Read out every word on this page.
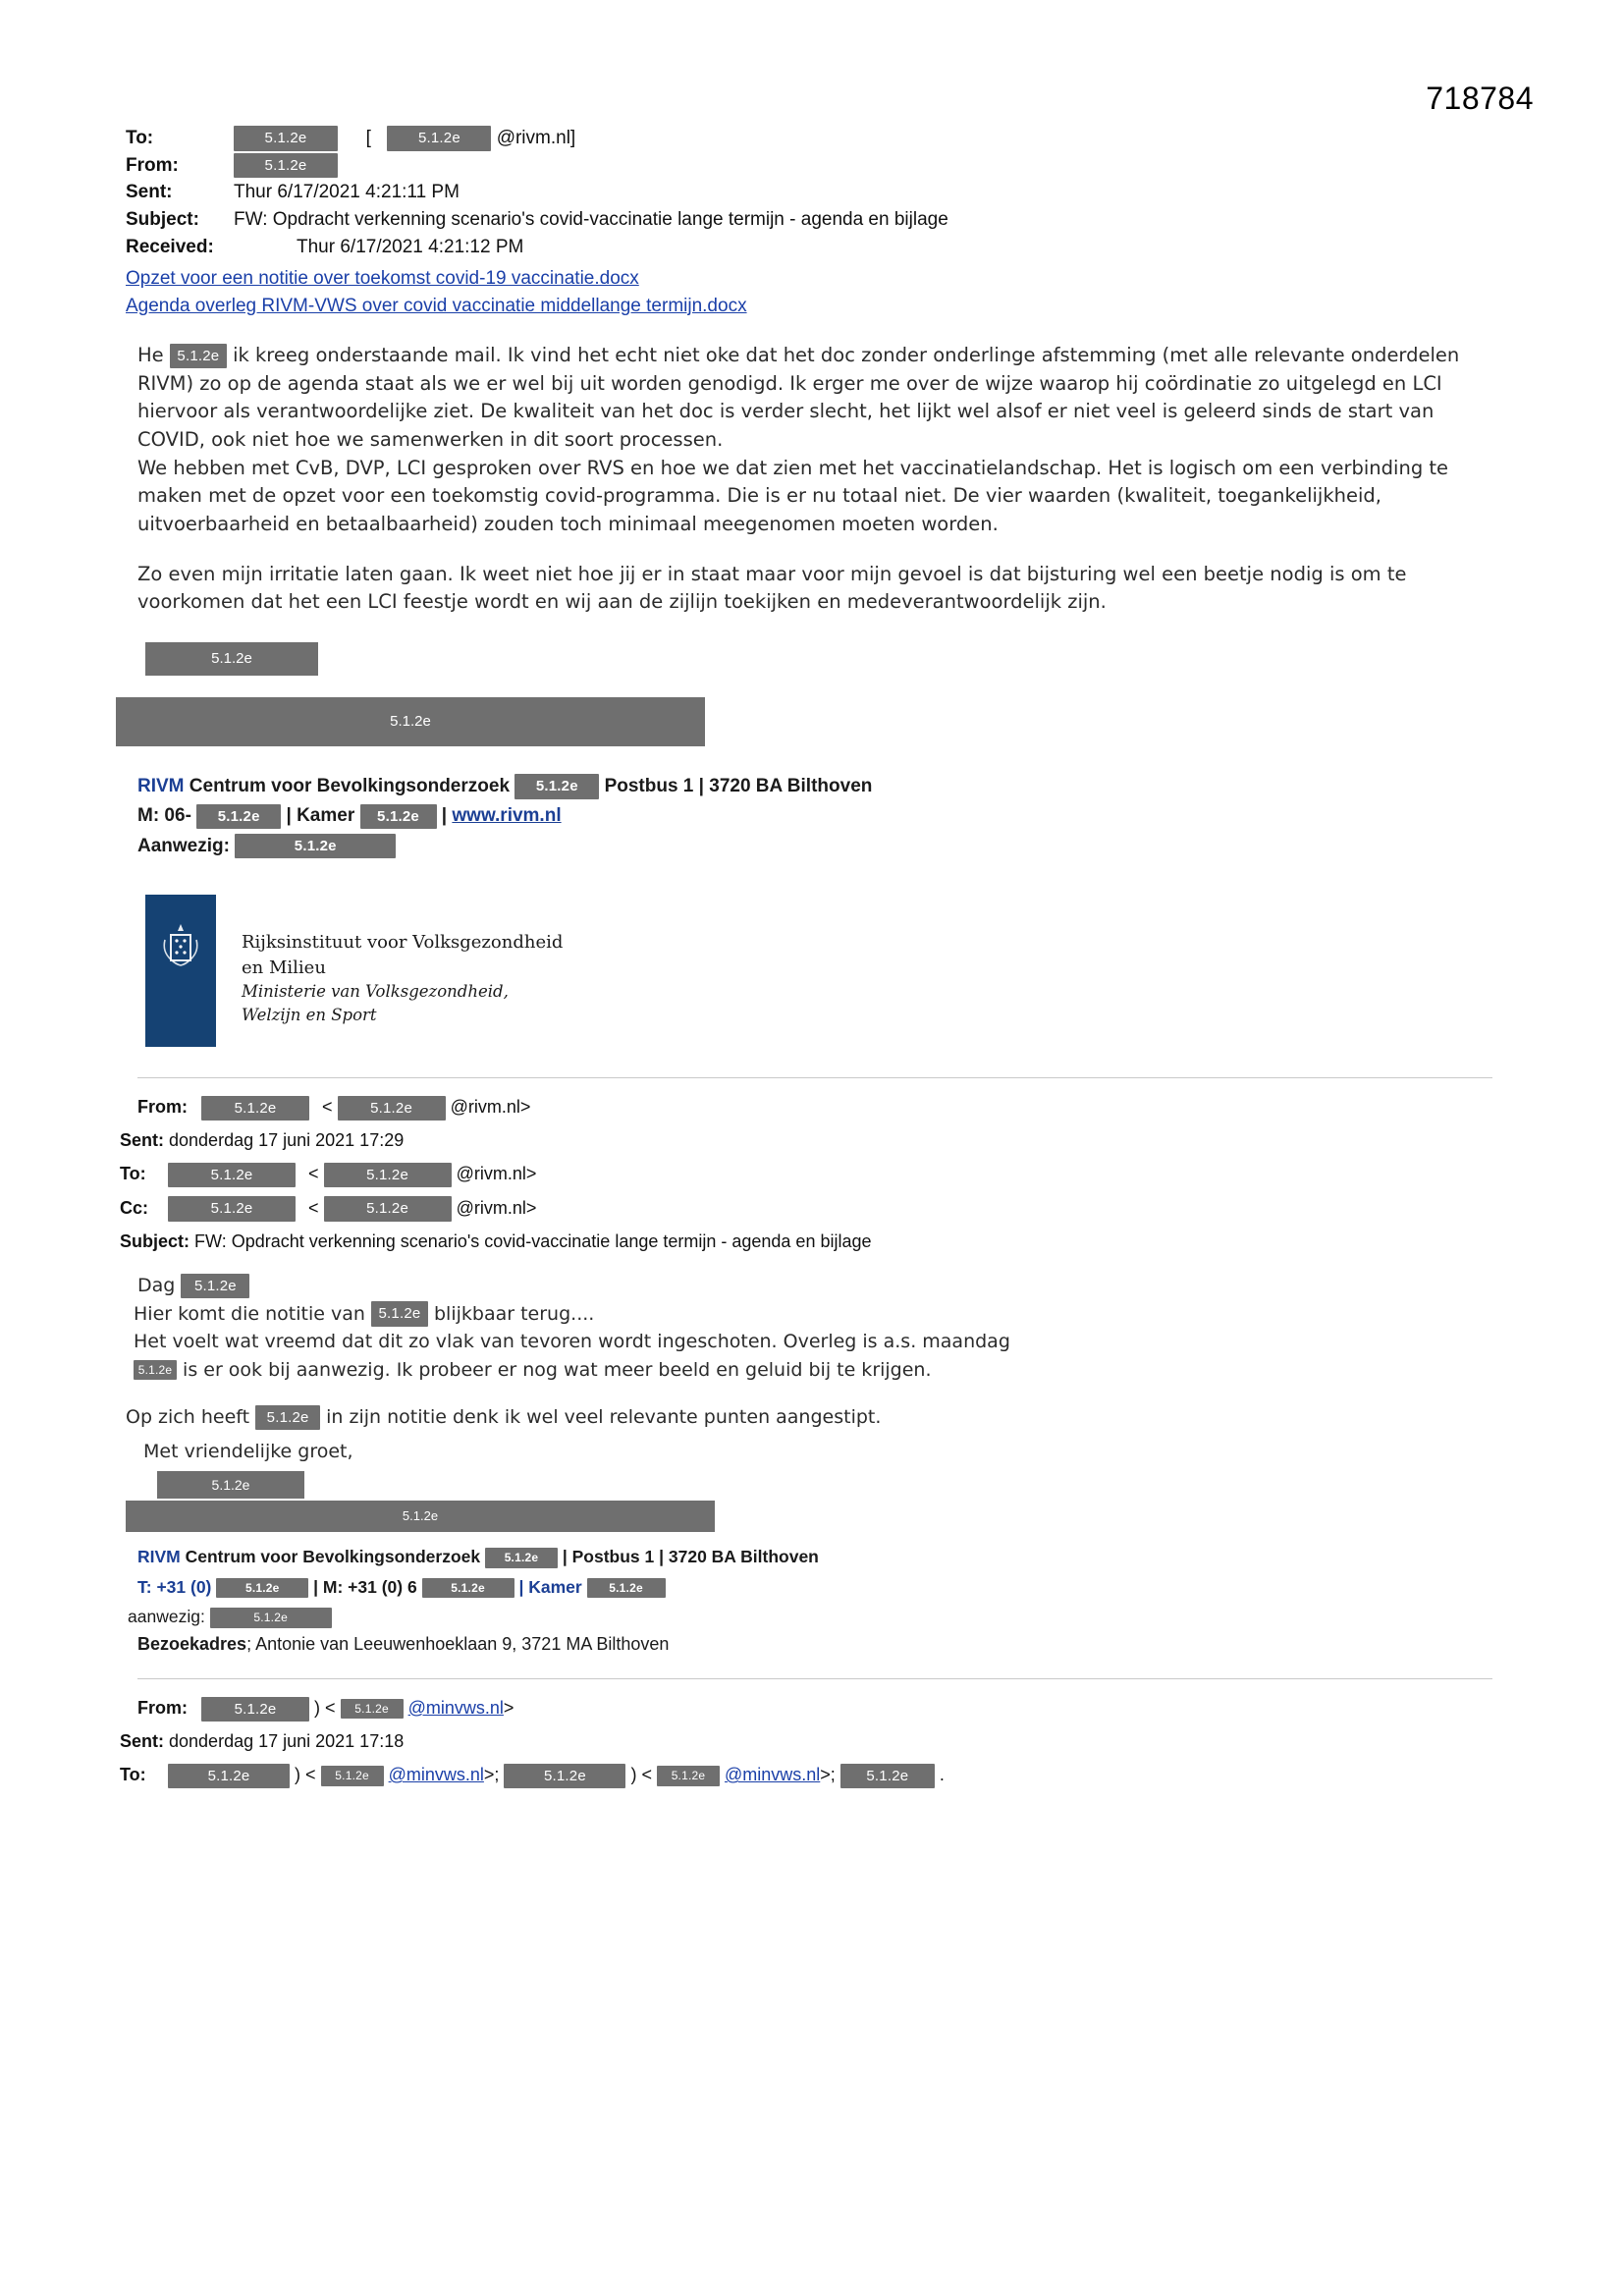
718784
To:	5.1.2e	[	5.1.2e @rivm.nl]
From:	5.1.2e
Sent:	Thur 6/17/2021 4:21:11 PM
Subject:	FW: Opdracht verkenning scenario's covid-vaccinatie lange termijn - agenda en bijlage
Received:	Thur 6/17/2021 4:21:12 PM
Opzet voor een notitie over toekomst covid-19 vaccinatie.docx
Agenda overleg RIVM-VWS over covid vaccinatie middellange termijn.docx

He 5.1.2e ik kreeg onderstaande mail. Ik vind het echt niet oke dat het doc zonder onderlinge afstemming (met alle relevante onderdelen RIVM) zo op de agenda staat als we er wel bij uit worden genodigd. Ik erger me over de wijze waarop hij coördinatie zo uitgelegd en LCI hiervoor als verantwoordelijke ziet. De kwaliteit van het doc is verder slecht, het lijkt wel alsof er niet veel is geleerd sinds de start van COVID, ook niet hoe we samenwerken in dit soort processen.

We hebben met CvB, DVP, LCI gesproken over RVS en hoe we dat zien met het vaccinatielandschap. Het is logisch om een verbinding te maken met de opzet voor een toekomstig covid-programma. Die is er nu totaal niet. De vier waarden (kwaliteit, toegankelijkheid, uitvoerbaarheid en betaalbaarheid) zouden toch minimaal meegenomen moeten worden.

Zo even mijn irritatie laten gaan. Ik weet niet hoe jij er in staat maar voor mijn gevoel is dat bijsturing wel een beetje nodig is om te voorkomen dat het een LCI feestje wordt en wij aan de zijlijn toekijken en medeverantwoordelijk zijn.

5.1.2e
5.1.2e
RIVM Centrum voor Bevolkingsonderzoek 5.1.2e Postbus 1 | 3720 BA Bilthoven
M: 06- 5.1.2e | Kamer 5.1.2e | www.rivm.nl
Aanwezig:	5.1.2e
Rijksinstituut voor Volksgezondheid
en Milieu
Ministerie van Volksgezondheid,
Welzijn en Sport
From:	5.1.2e	< 5.1.2e @rivm.nl>
Sent: donderdag 17 juni 2021 17:29
To:	5.1.2e	<	5.1.2e	@rivm.nl>
Cc:	5.1.2e	<	5.1.2e	@rivm.nl>
Subject: FW: Opdracht verkenning scenario's covid-vaccinatie lange termijn - agenda en bijlage
Dag 5.1.2e
Hier komt die notitie van 5.1.2e blijkbaar terug....
Het voelt wat vreemd dat dit zo vlak van tevoren wordt ingeschoten. Overleg is a.s. maandag
5.1.2e is er ook bij aanwezig. Ik probeer er nog wat meer beeld en geluid bij te krijgen.
Op zich heeft 5.1.2e in zijn notitie denk ik wel veel relevante punten aangestipt.
Met vriendelijke groet,
5.1.2e
5.1.2e
RIVM Centrum voor Bevolkingsonderzoek 5.1.2e | Postbus 1 | 3720 BA Bilthoven
T: +31 (0)	5.1.2e | M: +31 (0) 6	5.1.2e | Kamer 5.1.2e
aanwezig:	5.1.2e
Bezoekadres; Antonie van Leeuwenhoeklaan 9, 3721 MA Bilthoven
From:	5.1.2e ) < 5.1.2e @minvws.nl>
Sent: donderdag 17 juni 2021 17:18
To:	5.1.2e	) < 5.1.2e @minvws.nl>;	5.1.2e	) < 5.1.2e @minvws.nl>; 5.1.2e .
